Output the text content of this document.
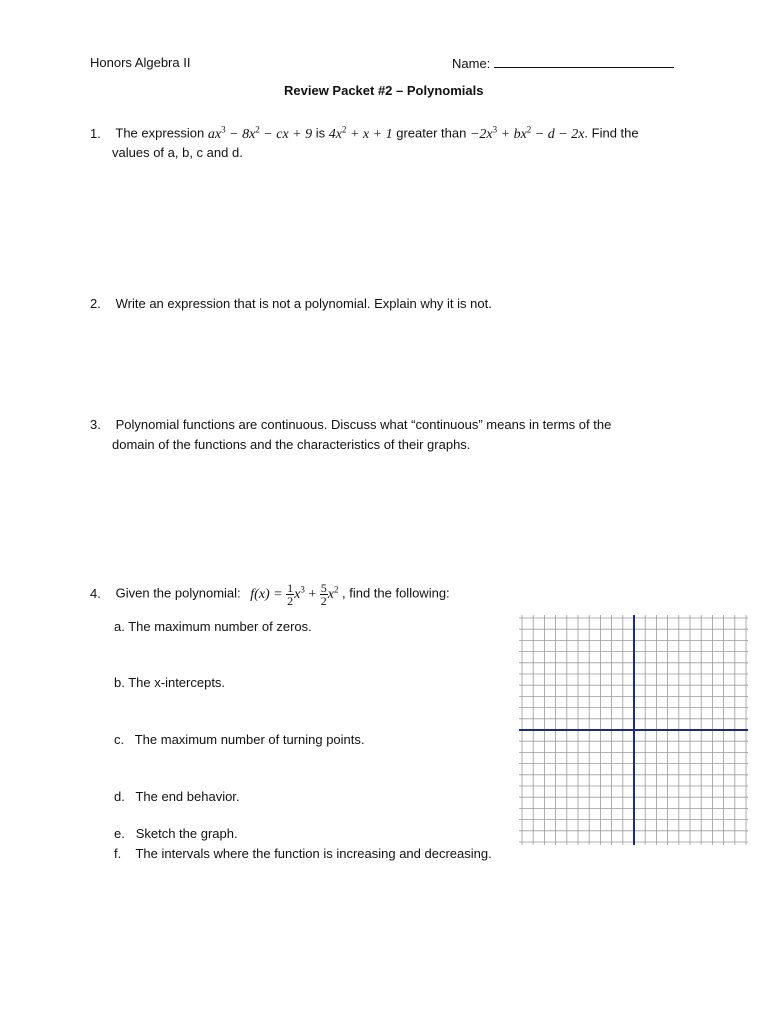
Honors Algebra II	Name:
Review Packet #2 – Polynomials
1. The expression $ax^3 - 8x^2$ − cx + 9 is $4x^2 + x + 1$ greater than $-2x^3 + bx^2 - d - 2x$. Find the
values of a, b, c and d.
2. Write an expression that is not a polynomial. Explain why it is not.
3. Polynomial functions are continuous. Discuss what “continuous” means in terms of the
domain of the functions and the characteristics of their graphs.
4. Given the polynomial: $f(x) = \frac{1}{2} x^3 + \frac{5}{2} x^2$ , find the following:
a. The maximum number of zeros.
b. The x-intercepts.
c. The maximum number of turning points.
d. The end behavior.
e. Sketch the graph.
f. The intervals where the function is increasing and decreasing.
